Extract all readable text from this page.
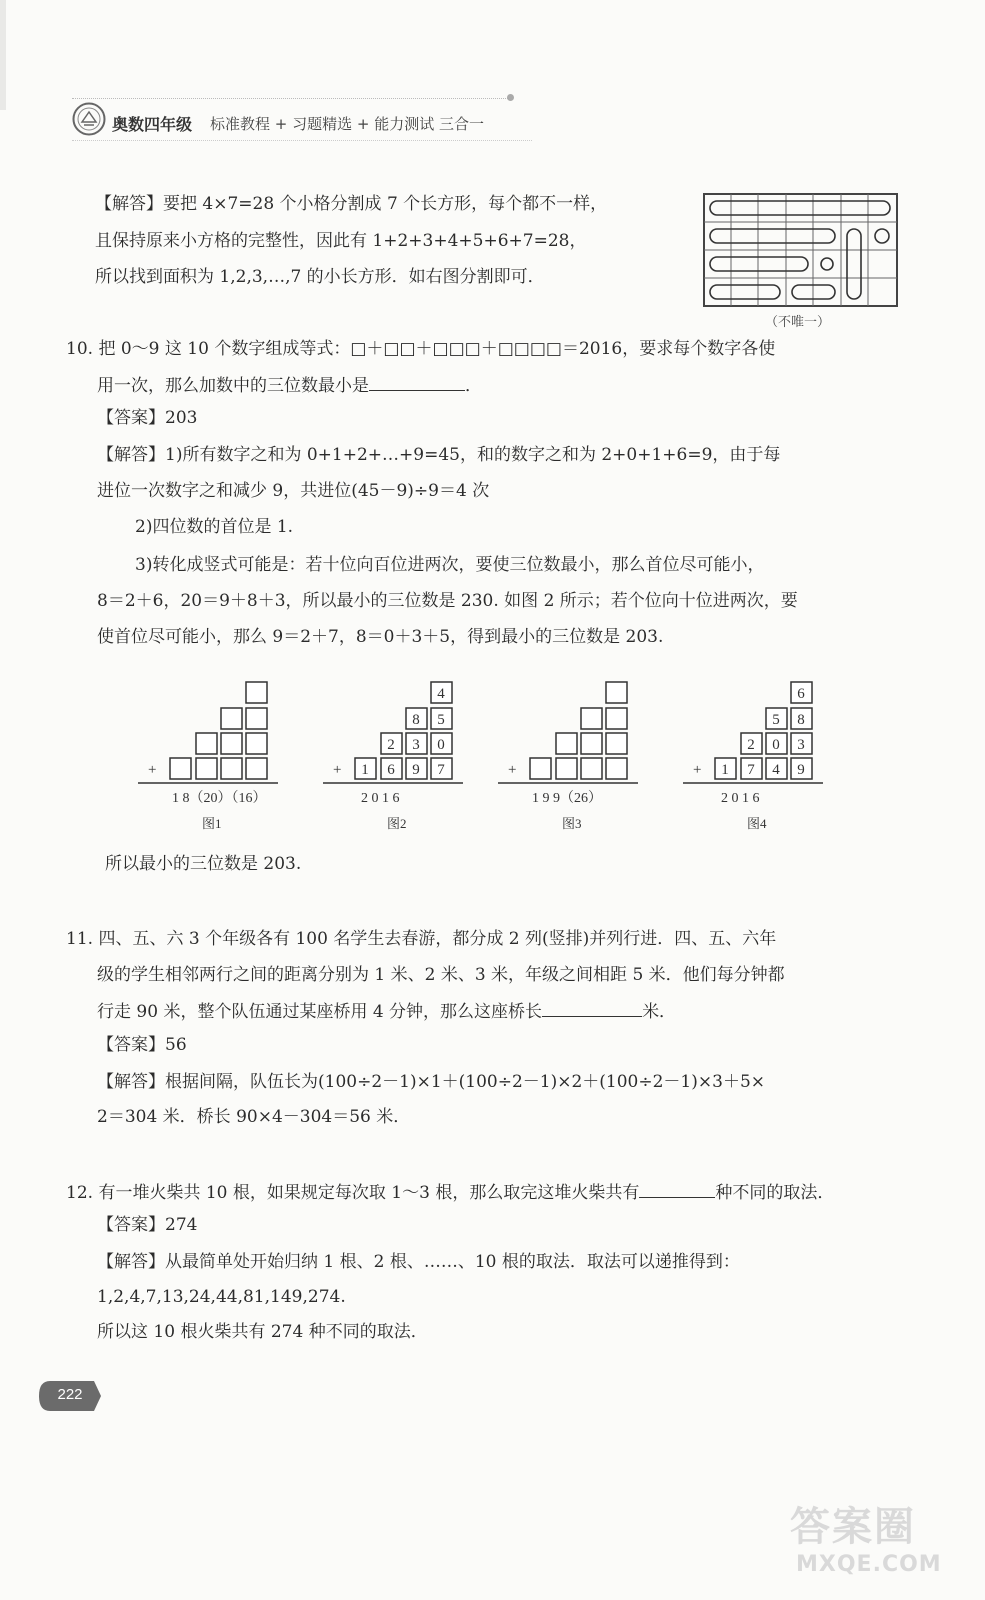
奥数四年级 标准教程 + 习题精选 + 能力测试 三合一
【解答】要把 4×7=28 个小格分割成 7 个长方形，每个都不一样，
且保持原来小方格的完整性，因此有 1+2+3+4+5+6+7=28，
所以找到面积为 1,2,3,…,7 的小长方形．如右图分割即可．
（不唯一）
10. 把 0～9 这 10 个数字组成等式：□＋□□＋□□□＋□□□□＝2016，要求每个数字各使
用一次，那么加数中的三位数最小是	．
【答案】203
【解答】1)所有数字之和为 0+1+2+…+9=45，和的数字之和为 2+0+1+6=9，由于每
进位一次数字之和减少 9，共进位(45－9)÷9＝4 次
2)四位数的首位是 1.
3)转化成竖式可能是：若十位向百位进两次，要使三位数最小，那么首位尽可能小，
8＝2＋6，20＝9＋8＋3，所以最小的三位数是 230. 如图 2 所示；若个位向十位进两次，要
使首位尽可能小，那么 9＝2＋7，8＝0＋3＋5，得到最小的三位数是 203.
+
1 8（20）（16）
图1
4
8 5
2 3 0
1 6 9 7
+
2 0 1 6
图2
+
1 9 9（26）
图3
6
5 8
2 0 3
1 7 4 9
+
2 0 1 6
图4
所以最小的三位数是 203.
11. 四、五、六 3 个年级各有 100 名学生去春游，都分成 2 列(竖排)并列行进．四、五、六年
级的学生相邻两行之间的距离分别为 1 米、2 米、3 米，年级之间相距 5 米．他们每分钟都
行走 90 米，整个队伍通过某座桥用 4 分钟，那么这座桥长	米．
【答案】56
【解答】根据间隔，队伍长为(100÷2－1)×1＋(100÷2－1)×2＋(100÷2－1)×3＋5×
2＝304 米．桥长 90×4－304＝56 米．
12. 有一堆火柴共 10 根，如果规定每次取 1～3 根，那么取完这堆火柴共有	种不同的取法．
【答案】274
【解答】从最简单处开始归纳 1 根、2 根、……、10 根的取法．取法可以递推得到：
1,2,4,7,13,24,44,81,149,274.
所以这 10 根火柴共有 274 种不同的取法．
222
答案圈
MXQE.COM
